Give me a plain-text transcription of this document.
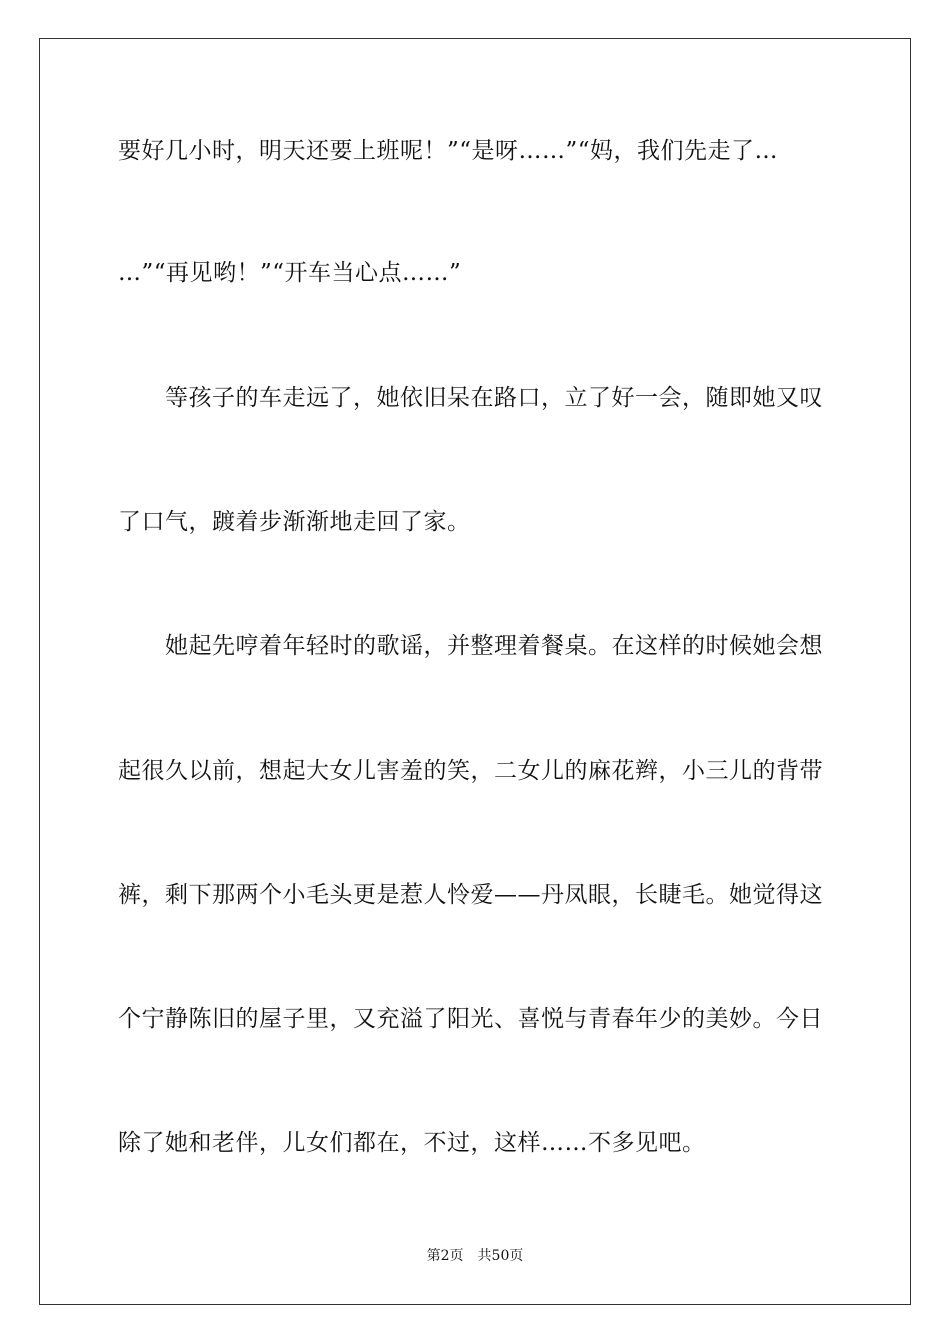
要好几小时，明天还要上班呢！”“是呀……”“妈，我们先走了…
…”“再见哟！”“开车当心点……”
　　等孩子的车走远了，她依旧呆在路口，立了好一会，随即她又叹
了口气，踱着步渐渐地走回了家。
　　她起先哼着年轻时的歌谣，并整理着餐桌。在这样的时候她会想
起很久以前，想起大女儿害羞的笑，二女儿的麻花辫，小三儿的背带
裤，剩下那两个小毛头更是惹人怜爱——丹凤眼，长睫毛。她觉得这
个宁静陈旧的屋子里，又充溢了阳光、喜悦与青春年少的美妙。今日
除了她和老伴，儿女们都在，不过，这样……不多见吧。
第2页　共50页
